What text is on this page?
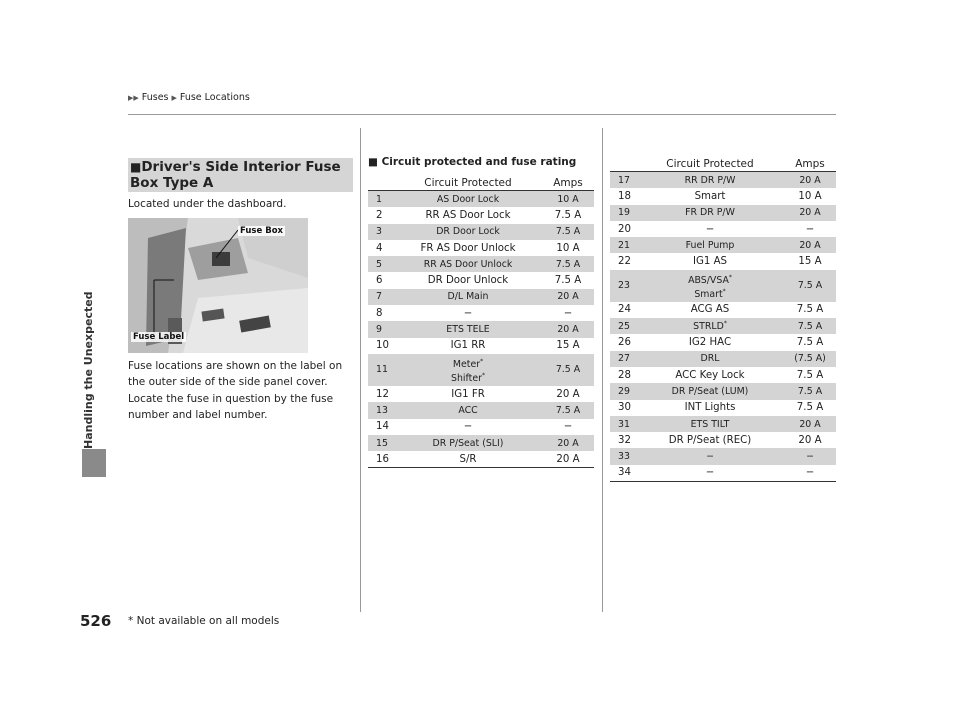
▶▶ Fuses ▶ Fuse Locations
Handling the Unexpected
526 * Not available on all models
■Driver's Side Interior Fuse Box Type A
Located under the dashboard.
Fuse Box
Fuse Label
Fuse locations are shown on the label on the outer side of the side panel cover. Locate the fuse in question by the fuse number and label number.
■ Circuit protected and fuse rating
	Circuit Protected	Amps
1	AS Door Lock	10 A
2	RR AS Door Lock	7.5 A
3	DR Door Lock	7.5 A
4	FR AS Door Unlock	10 A
5	RR AS Door Unlock	7.5 A
6	DR Door Unlock	7.5 A
7	D/L Main	20 A
8	−	−
9	ETS TELE	20 A
10	IG1 RR	15 A
11	Meter*
Shifter*	7.5 A
12	IG1 FR	20 A
13	ACC	7.5 A
14	−	−
15	DR P/Seat (SLI)	20 A
16	S/R	20 A
	Circuit Protected	Amps
17	RR DR P/W	20 A
18	Smart	10 A
19	FR DR P/W	20 A
20	−	−
21	Fuel Pump	20 A
22	IG1 AS	15 A
23	ABS/VSA*
Smart*	7.5 A
24	ACG AS	7.5 A
25	STRLD*	7.5 A
26	IG2 HAC	7.5 A
27	DRL	(7.5 A)
28	ACC Key Lock	7.5 A
29	DR P/Seat (LUM)	7.5 A
30	INT Lights	7.5 A
31	ETS TILT	20 A
32	DR P/Seat (REC)	20 A
33	−	−
34	−	−
